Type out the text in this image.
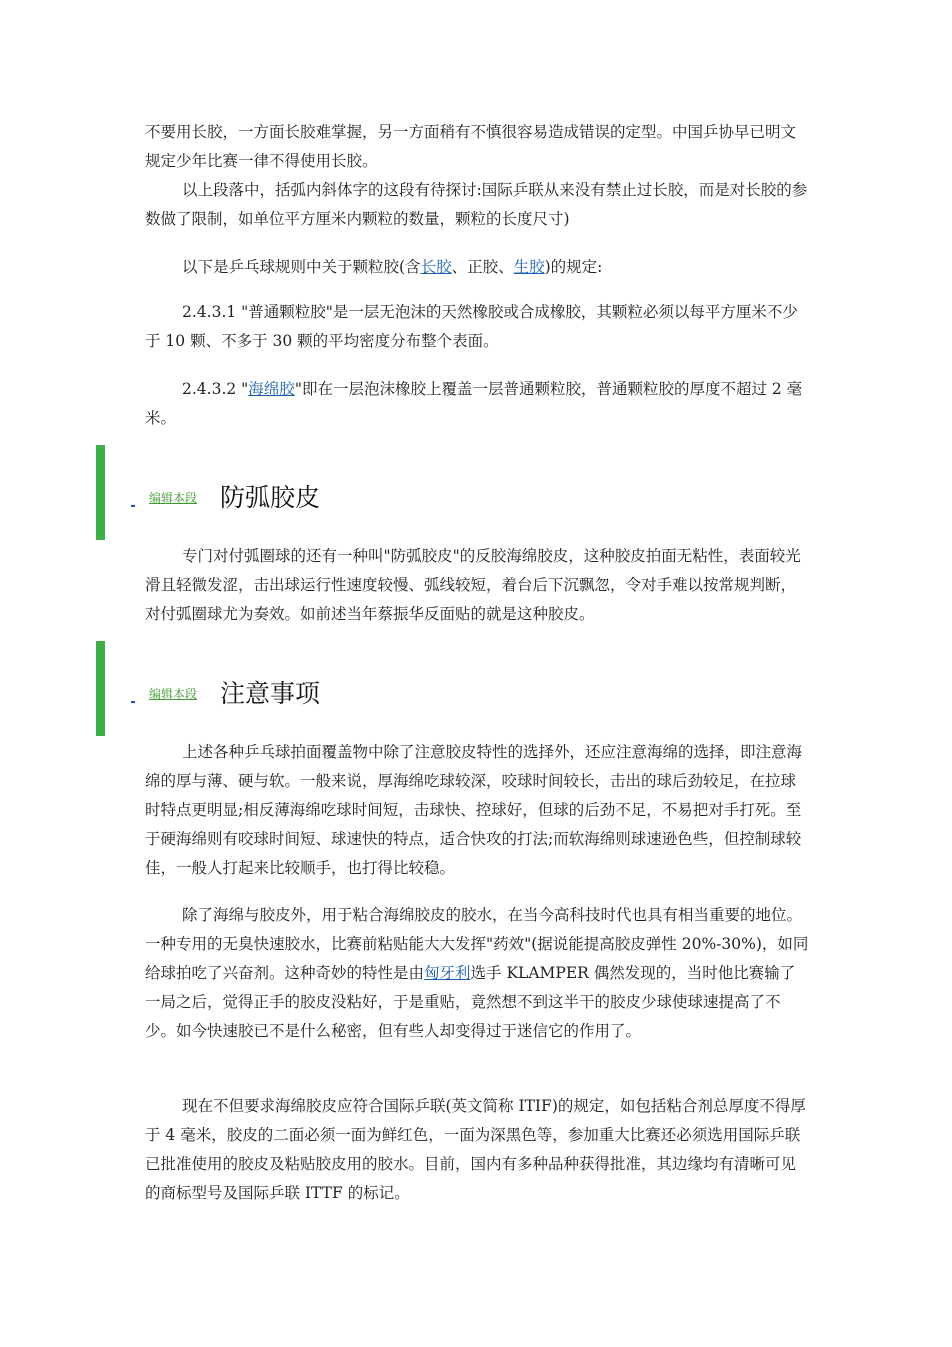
不要用长胶，一方面长胶难掌握，另一方面稍有不慎很容易造成错误的定型。中国乒协早已明文规定少年比赛一律不得使用长胶。

以上段落中，括弧内斜体字的这段有待探讨:国际乒联从来没有禁止过长胶，而是对长胶的参数做了限制，如单位平方厘米内颗粒的数量，颗粒的长度尺寸)

以下是乒乓球规则中关于颗粒胶(含长胶、正胶、生胶)的规定:

2.4.3.1 "普通颗粒胶"是一层无泡沫的天然橡胶或合成橡胶，其颗粒必须以每平方厘米不少于 10 颗、不多于 30 颗的平均密度分布整个表面。

2.4.3.2 "海绵胶"即在一层泡沫橡胶上覆盖一层普通颗粒胶，普通颗粒胶的厚度不超过 2 毫米。

编辑本段 防弧胶皮

专门对付弧圈球的还有一种叫"防弧胶皮"的反胶海绵胶皮，这种胶皮拍面无粘性，表面较光滑且轻微发涩，击出球运行性速度较慢、弧线较短，着台后下沉飘忽，令对手难以按常规判断，对付弧圈球尤为奏效。如前述当年蔡振华反面贴的就是这种胶皮。

编辑本段 注意事项

上述各种乒乓球拍面覆盖物中除了注意胶皮特性的选择外，还应注意海绵的选择，即注意海绵的厚与薄、硬与软。一般来说，厚海绵吃球较深，咬球时间较长，击出的球后劲较足，在拉球时特点更明显;相反薄海绵吃球时间短，击球快、控球好，但球的后劲不足，不易把对手打死。至于硬海绵则有咬球时间短、球速快的特点，适合快攻的打法;而软海绵则球速逊色些，但控制球较佳，一般人打起来比较顺手，也打得比较稳。

除了海绵与胶皮外，用于粘合海绵胶皮的胶水，在当今高科技时代也具有相当重要的地位。一种专用的无臭快速胶水，比赛前粘贴能大大发挥"药效"(据说能提高胶皮弹性 20%-30%)，如同给球拍吃了兴奋剂。这种奇妙的特性是由匈牙利选手 KLAMPER 偶然发现的，当时他比赛输了一局之后，觉得正手的胶皮没粘好，于是重贴，竟然想不到这半干的胶皮少球使球速提高了不少。如今快速胶已不是什么秘密，但有些人却变得过于迷信它的作用了。

现在不但要求海绵胶皮应符合国际乒联(英文简称 ITIF)的规定，如包括粘合剂总厚度不得厚于 4 毫米，胶皮的二面必须一面为鲜红色，一面为深黑色等，参加重大比赛还必须选用国际乒联已批准使用的胶皮及粘贴胶皮用的胶水。目前，国内有多种品种获得批准，其边缘均有清晰可见的商标型号及国际乒联 ITTF 的标记。
